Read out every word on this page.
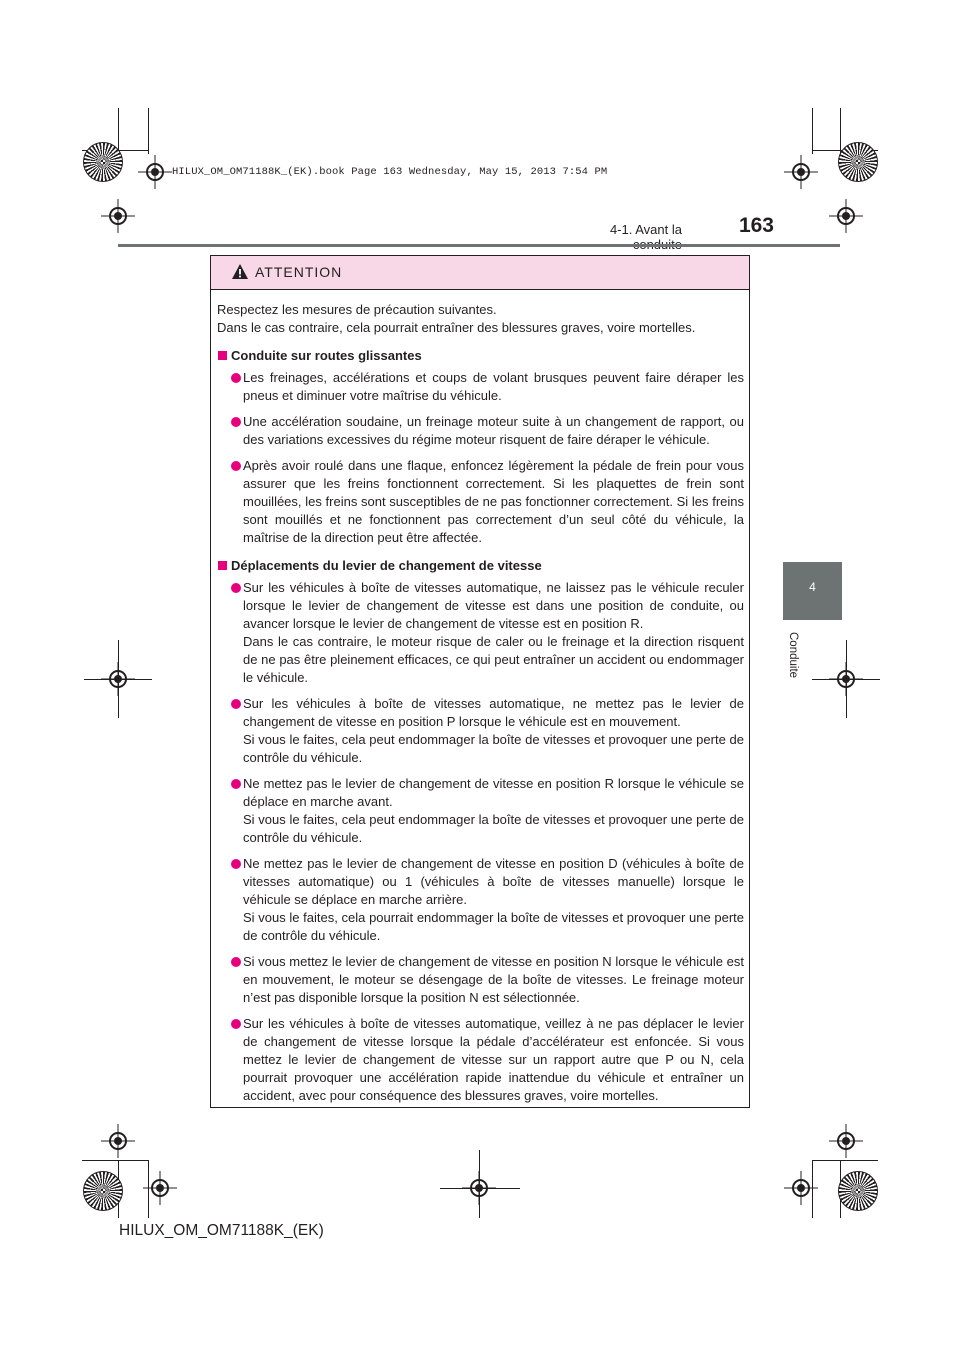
HILUX_OM_OM71188K_(EK).book Page 163 Wednesday, May 15, 2013 7:54 PM
4-1. Avant la	163
4
Conduite
ATTENTION

Respectez les mesures de précaution suivantes.

Dans le cas contraire, cela pourrait entraîner des blessures graves, voire mortelles.

Conduite sur routes glissantes

Les freinages, accélérations et coups de volant brusques peuvent faire déraper les pneus et diminuer votre maîtrise du véhicule.

Une accélération soudaine, un freinage moteur suite à un changement de rapport, ou des variations excessives du régime moteur risquent de faire déraper le véhicule.

Après avoir roulé dans une flaque, enfoncez légèrement la pédale de frein pour vous assurer que les freins fonctionnent correctement. Si les plaquettes de frein sont mouillées, les freins sont susceptibles de ne pas fonctionner correctement. Si les freins sont mouillés et ne fonctionnent pas correctement d’un seul côté du véhicule, la maîtrise de la direction peut être affectée.

Déplacements du levier de changement de vitesse

Sur les véhicules à boîte de vitesses automatique, ne laissez pas le véhicule reculer lorsque le levier de changement de vitesse est dans une position de conduite, ou avancer lorsque le levier de changement de vitesse est en position R.

Dans le cas contraire, le moteur risque de caler ou le freinage et la direction risquent de ne pas être pleinement efficaces, ce qui peut entraîner un accident ou endommager le véhicule.

Sur les véhicules à boîte de vitesses automatique, ne mettez pas le levier de changement de vitesse en position P lorsque le véhicule est en mouvement.

Si vous le faites, cela peut endommager la boîte de vitesses et provoquer une perte de contrôle du véhicule.

Ne mettez pas le levier de changement de vitesse en position R lorsque le véhicule se déplace en marche avant.

Si vous le faites, cela peut endommager la boîte de vitesses et provoquer une perte de contrôle du véhicule.

Ne mettez pas le levier de changement de vitesse en position D (véhicules à boîte de vitesses automatique) ou 1 (véhicules à boîte de vitesses manuelle) lorsque le véhicule se déplace en marche arrière.

Si vous le faites, cela pourrait endommager la boîte de vitesses et provoquer une perte de contrôle du véhicule.

Si vous mettez le levier de changement de vitesse en position N lorsque le véhicule est en mouvement, le moteur se désengage de la boîte de vitesses. Le freinage moteur n’est pas disponible lorsque la position N est sélectionnée.

Sur les véhicules à boîte de vitesses automatique, veillez à ne pas déplacer le levier de changement de vitesse lorsque la pédale d’accélérateur est enfoncée. Si vous mettez le levier de changement de vitesse sur un rapport autre que P ou N, cela pourrait provoquer une accélération rapide inattendue du véhicule et entraîner un accident, avec pour conséquence des blessures graves, voire mortelles.

HILUX_OM_OM71188K_(EK)
